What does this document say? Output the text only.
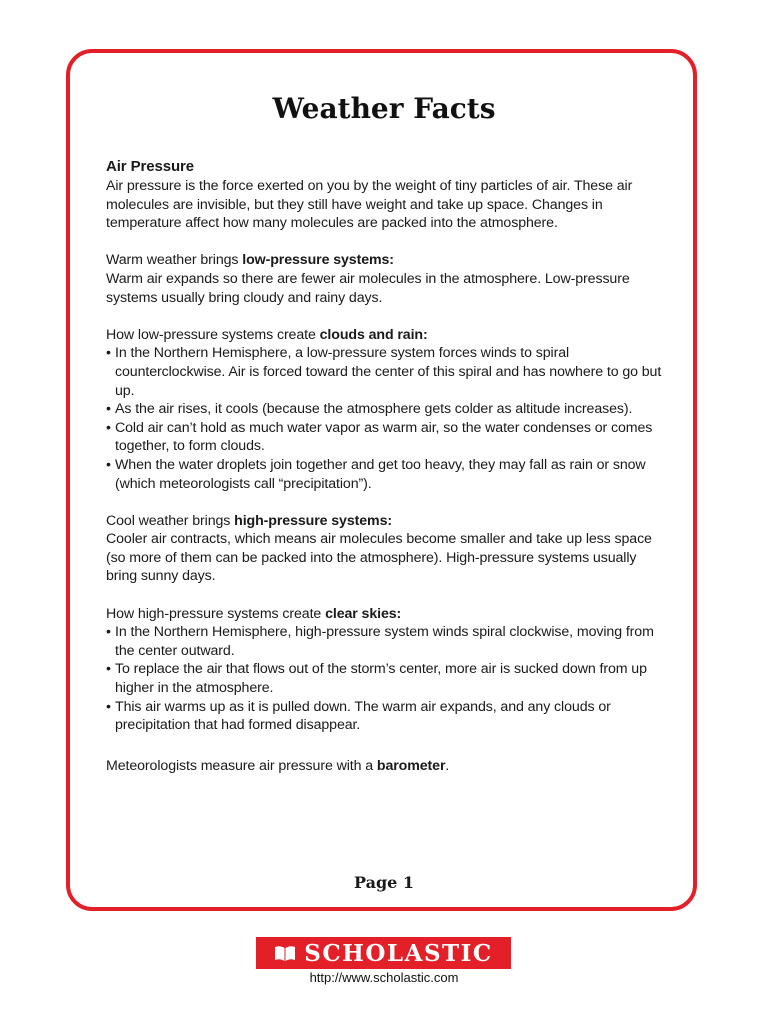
Weather Facts

Air Pressure

Air pressure is the force exerted on you by the weight of tiny particles of air. These air molecules are invisible, but they still have weight and take up space. Changes in temperature affect how many molecules are packed into the atmosphere.

Warm weather brings low-pressure systems:

Warm air expands so there are fewer air molecules in the atmosphere. Low-pressure systems usually bring cloudy and rainy days.

How low-pressure systems create clouds and rain:

• In the Northern Hemisphere, a low-pressure system forces winds to spiral counterclockwise. Air is forced toward the center of this spiral and has nowhere to go but up.
• As the air rises, it cools (because the atmosphere gets colder as altitude increases).
• Cold air can’t hold as much water vapor as warm air, so the water condenses or comes together, to form clouds.
• When the water droplets join together and get too heavy, they may fall as rain or snow (which meteorologists call “precipitation”).

Cool weather brings high-pressure systems:

Cooler air contracts, which means air molecules become smaller and take up less space (so more of them can be packed into the atmosphere). High-pressure systems usually bring sunny days.

How high-pressure systems create clear skies:

• In the Northern Hemisphere, high-pressure system winds spiral clockwise, moving from the center outward.
• To replace the air that flows out of the storm’s center, more air is sucked down from up higher in the atmosphere.
• This air warms up as it is pulled down. The warm air expands, and any clouds or precipitation that had formed disappear.

Meteorologists measure air pressure with a barometer.

Page 1
SCHOLASTIC
http://www.scholastic.com
